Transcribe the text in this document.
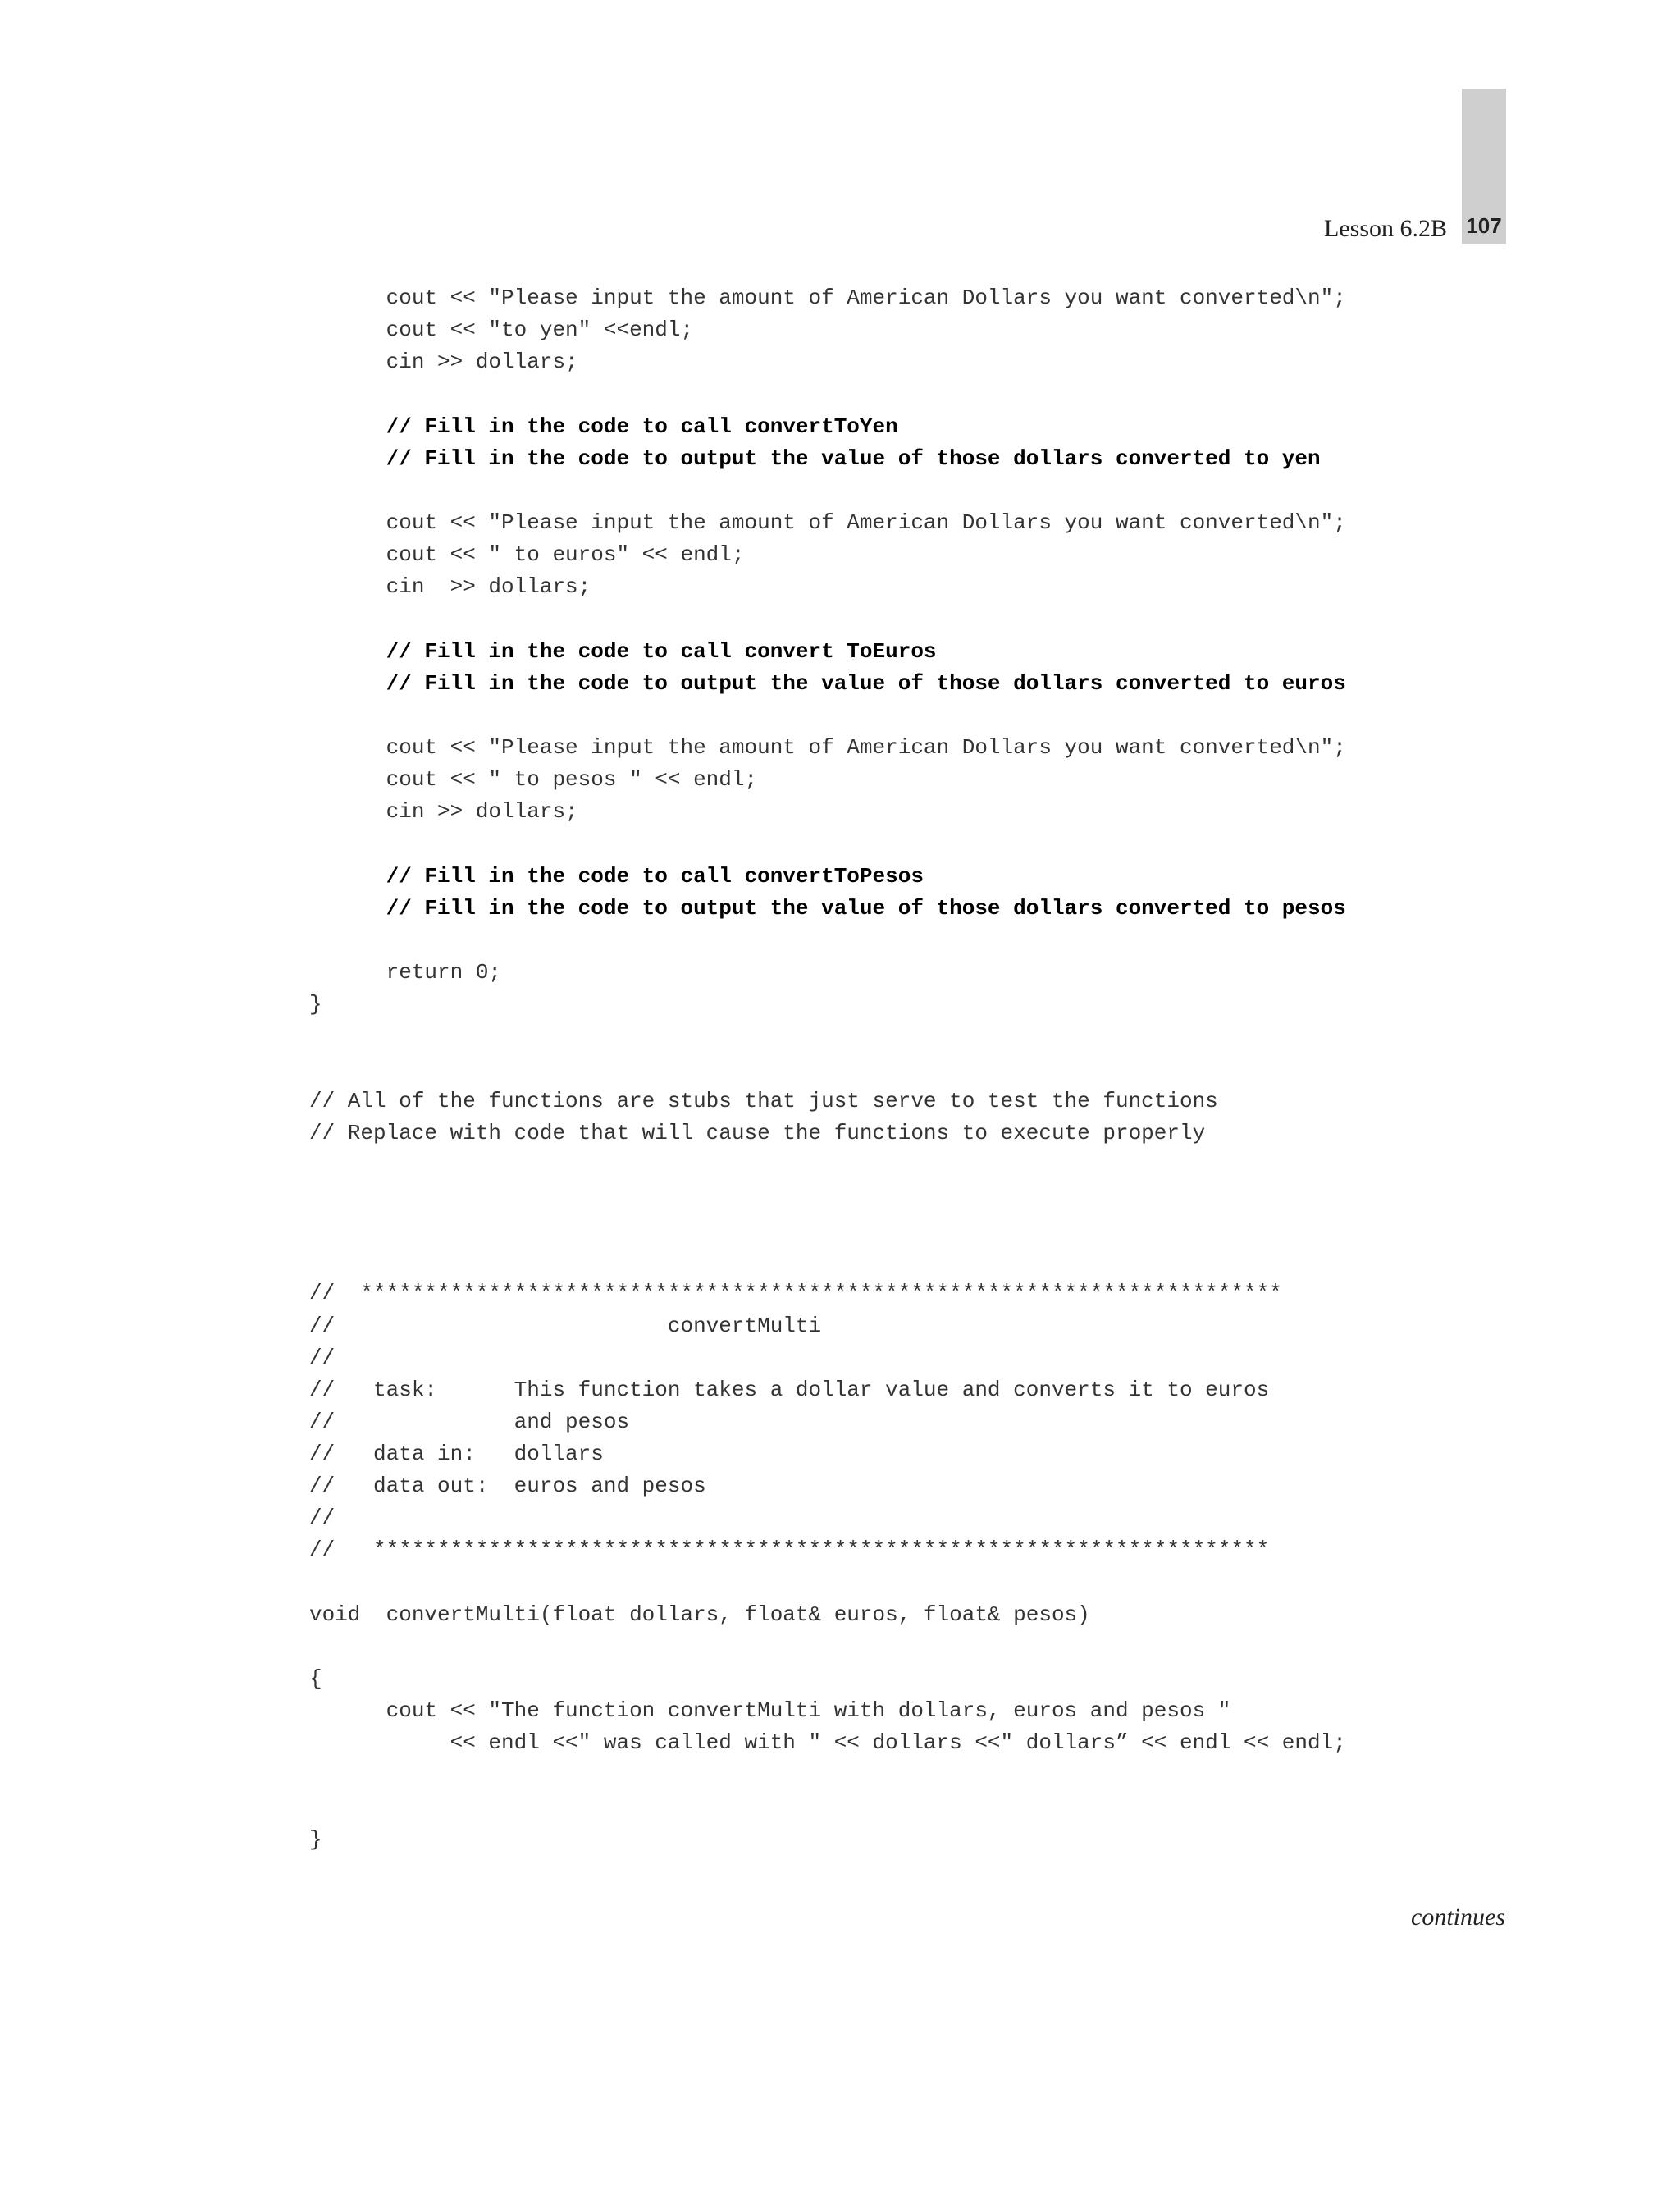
Lesson 6.2B 107
cout << "Please input the amount of American Dollars you want converted\n";
cout << "to yen" <<endl;
cin >> dollars;
// Fill in the code to call convertToYen
// Fill in the code to output the value of those dollars converted to yen
cout << "Please input the amount of American Dollars you want converted\n";
cout << " to euros" << endl;
cin  >> dollars;
// Fill in the code to call convert ToEuros
// Fill in the code to output the value of those dollars converted to euros
cout << "Please input the amount of American Dollars you want converted\n";
cout << " to pesos " << endl;
cin >> dollars;
// Fill in the code to call convertToPesos
// Fill in the code to output the value of those dollars converted to pesos
return 0;
}
// All of the functions are stubs that just serve to test the functions
// Replace with code that will cause the functions to execute properly
//  ************************************************************************
//                          convertMulti
//
//   task:      This function takes a dollar value and converts it to euros
//              and pesos
//   data in:   dollars
//   data out:  euros and pesos
//
//   **********************************************************************
void  convertMulti(float dollars, float& euros, float& pesos)
{
cout << "The function convertMulti with dollars, euros and pesos "
<< endl <<" was called with " << dollars <<" dollars” << endl << endl;
}
continues
